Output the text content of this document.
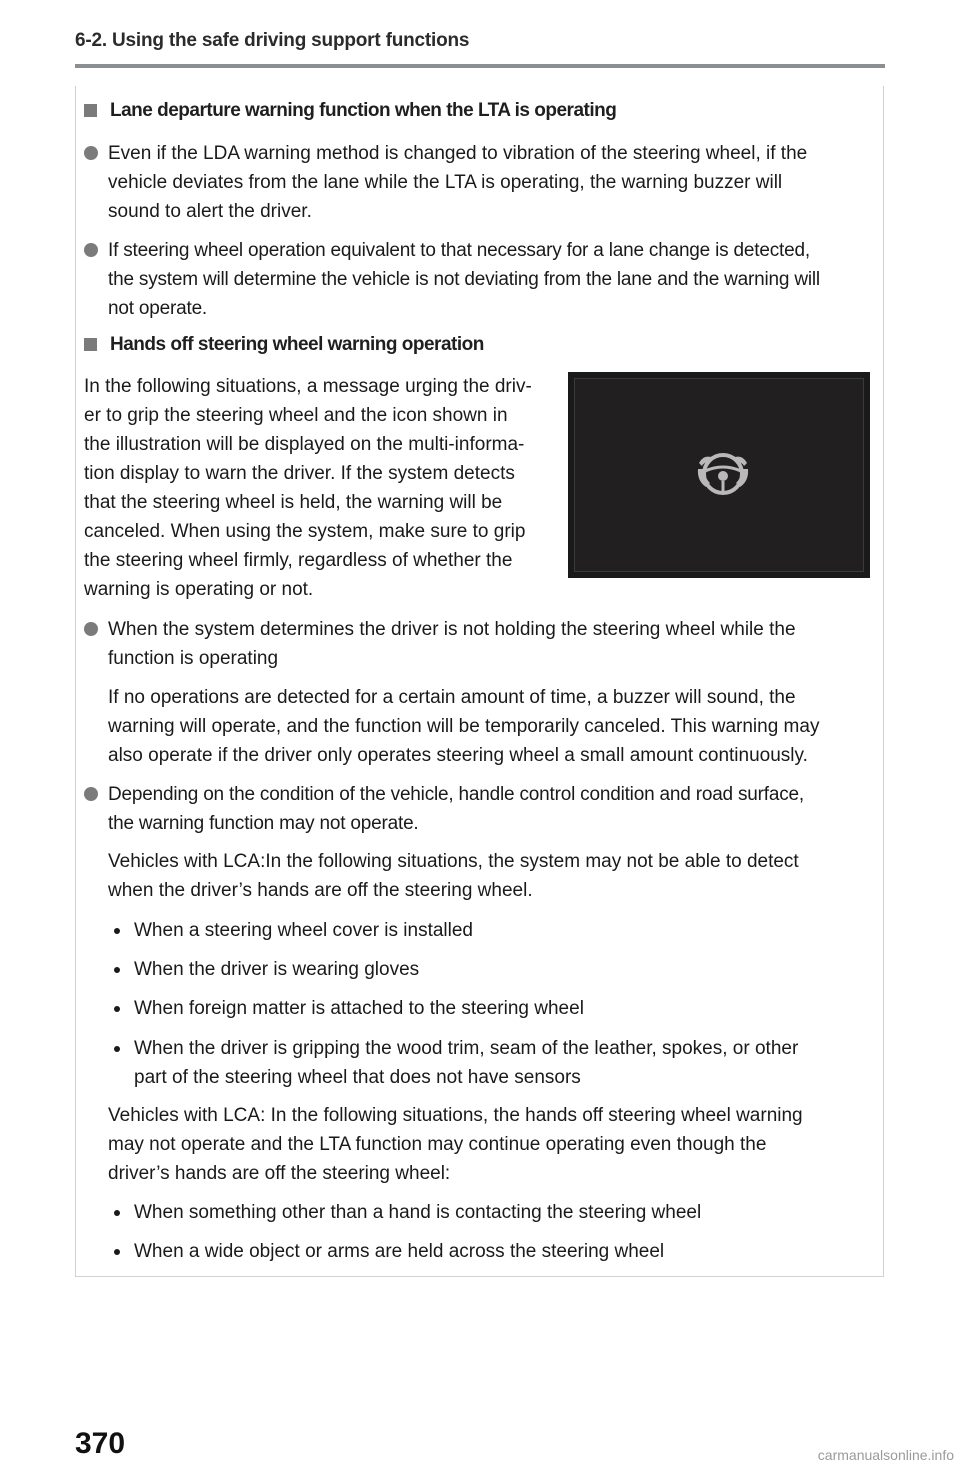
6-2. Using the safe driving support functions
Lane departure warning function when the LTA is operating
Even if the LDA warning method is changed to vibration of the steering wheel, if the
vehicle deviates from the lane while the LTA is operating, the warning buzzer will
sound to alert the driver.
If steering wheel operation equivalent to that necessary for a lane change is detected,
the system will determine the vehicle is not deviating from the lane and the warning will
not operate.
Hands off steering wheel warning operation
In the following situations, a message urging the driv-
er to grip the steering wheel and the icon shown in
the illustration will be displayed on the multi-informa-
tion display to warn the driver. If the system detects
that the steering wheel is held, the warning will be
canceled. When using the system, make sure to grip
the steering wheel firmly, regardless of whether the
warning is operating or not.
When the system determines the driver is not holding the steering wheel while the
function is operating
If no operations are detected for a certain amount of time, a buzzer will sound, the
warning will operate, and the function will be temporarily canceled. This warning may
also operate if the driver only operates steering wheel a small amount continuously.
Depending on the condition of the vehicle, handle control condition and road surface,
the warning function may not operate.
Vehicles with LCA:In the following situations, the system may not be able to detect
when the driver’s hands are off the steering wheel.
When a steering wheel cover is installed
When the driver is wearing gloves
When foreign matter is attached to the steering wheel
When the driver is gripping the wood trim, seam of the leather, spokes, or other
part of the steering wheel that does not have sensors
Vehicles with LCA: In the following situations, the hands off steering wheel warning
may not operate and the LTA function may continue operating even though the
driver’s hands are off the steering wheel:
When something other than a hand is contacting the steering wheel
When a wide object or arms are held across the steering wheel
370	carmanualsonline.info
